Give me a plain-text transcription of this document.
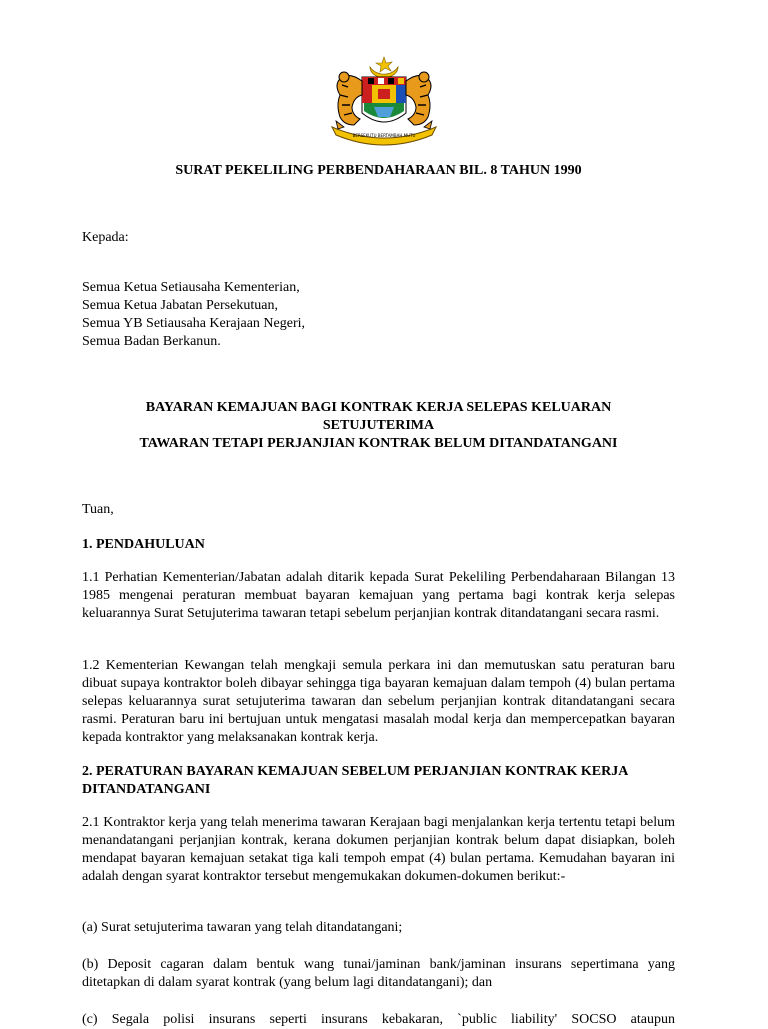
BERSEKUTU BERTAMBAH MUTU
SURAT PEKELILING PERBENDAHARAAN BIL. 8 TAHUN 1990
Kepada:
Semua Ketua Setiausaha Kementerian,
Semua Ketua Jabatan Persekutuan,
Semua YB Setiausaha Kerajaan Negeri,
Semua Badan Berkanun.
BAYARAN KEMAJUAN BAGI KONTRAK KERJA SELEPAS KELUARAN
SETUJUTERIMA
TAWARAN TETAPI PERJANJIAN KONTRAK BELUM DITANDATANGANI
Tuan,
1. PENDAHULUAN

1.1 Perhatian Kementerian/Jabatan adalah ditarik kepada Surat Pekeliling Perbendaharaan Bilangan 13 1985 mengenai peraturan membuat bayaran kemajuan yang pertama bagi kontrak kerja selepas keluarannya Surat Setujuterima tawaran tetapi sebelum perjanjian kontrak ditandatangani secara rasmi.

1.2 Kementerian Kewangan telah mengkaji semula perkara ini dan memutuskan satu peraturan baru dibuat supaya kontraktor boleh dibayar sehingga tiga bayaran kemajuan dalam tempoh (4) bulan pertama selepas keluarannya surat setujuterima tawaran dan sebelum perjanjian kontrak ditandatangani secara rasmi. Peraturan baru ini bertujuan untuk mengatasi masalah modal kerja dan mempercepatkan bayaran kepada kontraktor yang melaksanakan kontrak kerja.

2. PERATURAN BAYARAN KEMAJUAN SEBELUM PERJANJIAN KONTRAK KERJA
DITANDATANGANI

2.1 Kontraktor kerja yang telah menerima tawaran Kerajaan bagi menjalankan kerja tertentu tetapi belum menandatangani perjanjian kontrak, kerana dokumen perjanjian kontrak belum dapat disiapkan, boleh mendapat bayaran kemajuan setakat tiga kali tempoh empat (4) bulan pertama. Kemudahan bayaran ini adalah dengan syarat kontraktor tersebut mengemukakan dokumen-dokumen berikut:-

(a) Surat setujuterima tawaran yang telah ditandatangani;

(b) Deposit cagaran dalam bentuk wang tunai/jaminan bank/jaminan insurans sepertimana yang ditetapkan di dalam syarat kontrak (yang belum lagi ditandatangani); dan

(c) Segala polisi insurans seperti insurans kebakaran, `public liability' SOCSO ataupun
